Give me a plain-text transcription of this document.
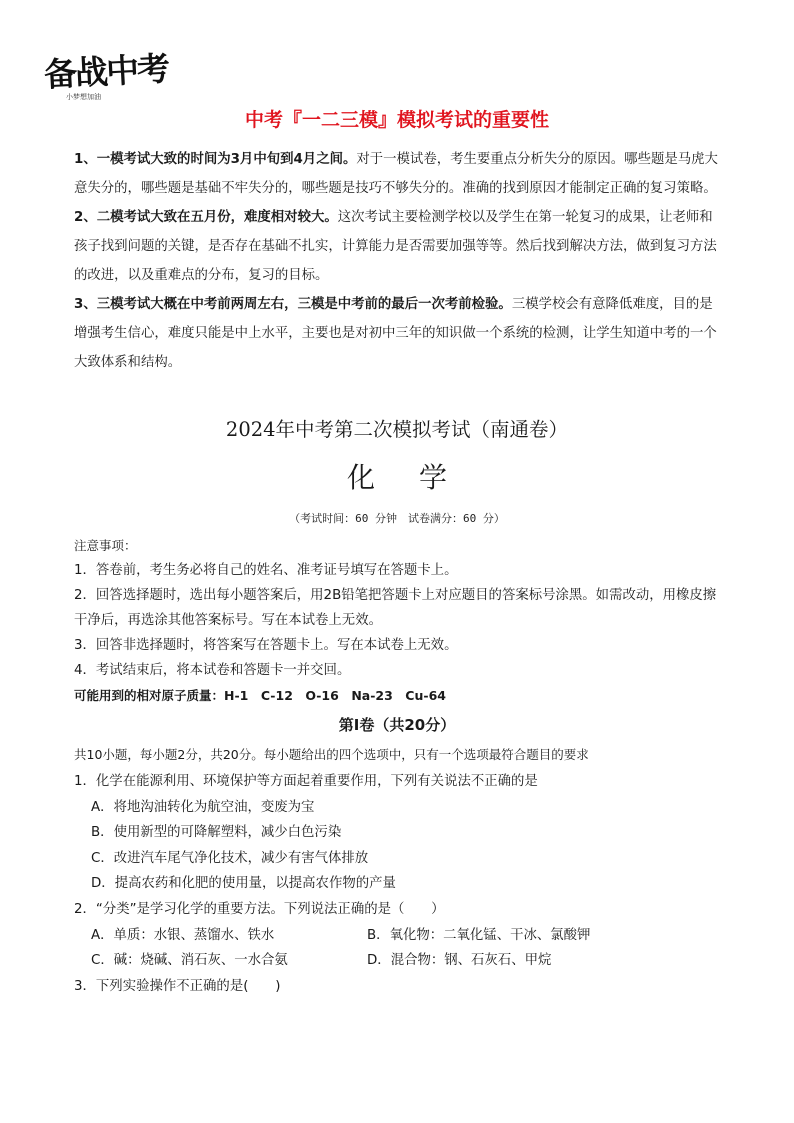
备战中考
小梦想加油
中考『一二三模』模拟考试的重要性

1、一模考试大致的时间为3月中旬到4月之间。对于一模试卷，考生要重点分析失分的原因。哪些题是马虎大意失分的，哪些题是基础不牢失分的，哪些题是技巧不够失分的。准确的找到原因才能制定正确的复习策略。

2、二模考试大致在五月份，难度相对较大。这次考试主要检测学校以及学生在第一轮复习的成果，让老师和孩子找到问题的关键，是否存在基础不扎实，计算能力是否需要加强等等。然后找到解决方法，做到复习方法的改进，以及重难点的分布，复习的目标。

3、三模考试大概在中考前两周左右，三模是中考前的最后一次考前检验。三模学校会有意降低难度，目的是增强考生信心，难度只能是中上水平，主要也是对初中三年的知识做一个系统的检测，让学生知道中考的一个大致体系和结构。

2024年中考第二次模拟考试（南通卷）
化学
（考试时间：60 分钟　试卷满分：60 分）

注意事项：

1．答卷前，考生务必将自己的姓名、准考证号填写在答题卡上。

2．回答选择题时，选出每小题答案后，用2B铅笔把答题卡上对应题目的答案标号涂黑。如需改动，用橡皮擦干净后，再选涂其他答案标号。写在本试卷上无效。

3．回答非选择题时，将答案写在答题卡上。写在本试卷上无效。

4．考试结束后，将本试卷和答题卡一并交回。

可能用到的相对原子质量：H-1　C-12　O-16　Na-23　Cu-64

第I卷（共20分）
共10小题，每小题2分，共20分。每小题给出的四个选项中，只有一个选项最符合题目的要求

1．化学在能源利用、环境保护等方面起着重要作用，下列有关说法不正确的是

A．将地沟油转化为航空油，变废为宝

B．使用新型的可降解塑料，减少白色污染

C．改进汽车尾气净化技术，减少有害气体排放

D．提高农药和化肥的使用量，以提高农作物的产量

2．“分类”是学习化学的重要方法。下列说法正确的是（　　）

A．单质：水银、蒸馏水、铁水	B．氧化物：二氧化锰、干冰、氯酸钾
C．碱：烧碱、消石灰、一水合氨	D．混合物：钢、石灰石、甲烷

3．下列实验操作不正确的是(　　)
